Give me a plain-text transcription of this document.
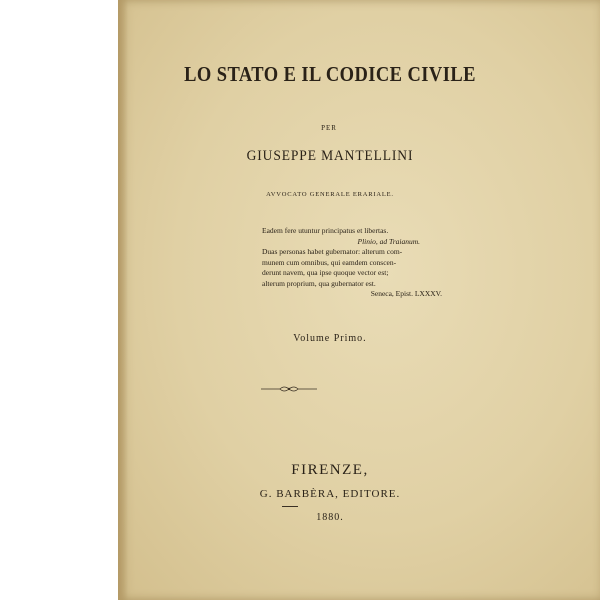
LO STATO E IL CODICE CIVILE
PER
GIUSEPPE MANTELLINI
AVVOCATO GENERALE ERARIALE.
Eadem fere utuntur principatus et libertas.
Plinio, ad Traianum.
Duas personas habet gubernator: alterum com-
munem cum omnibus, qui eamdem conscen-
derunt navem, qua ipse quoque vector est;
alterum proprium, qua gubernator est.
Seneca, Epist. LXXXV.
Volume Primo.
FIRENZE,
G. BARBÈRA, EDITORE.
1880.
